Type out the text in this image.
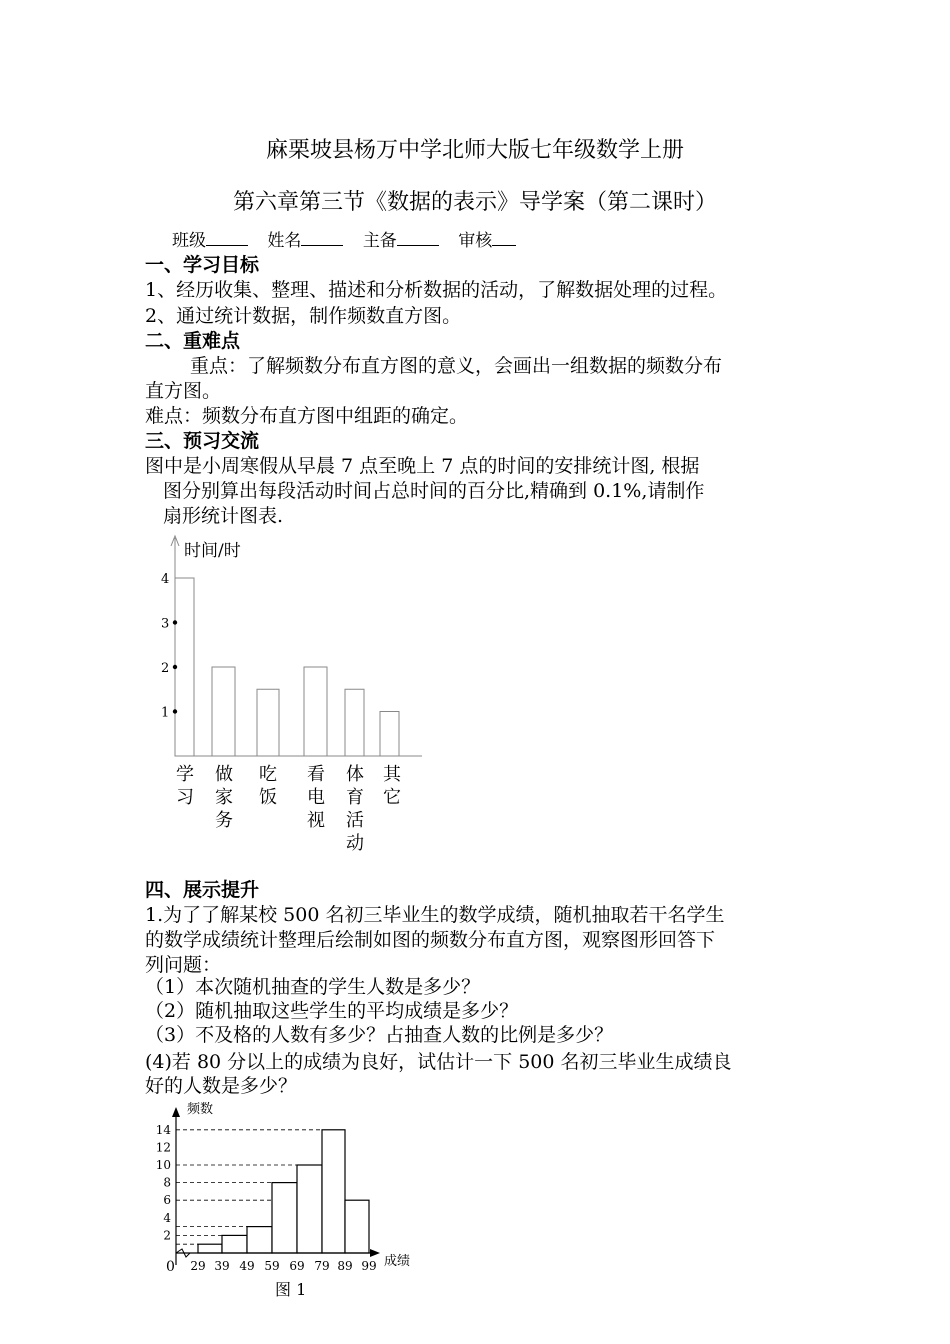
麻栗坡县杨万中学北师大版七年级数学上册
第六章第三节《数据的表示》导学案（第二课时）
班级	姓名	主备	审核
一、学习目标
1、经历收集、整理、描述和分析数据的活动，了解数据处理的过程。
2、通过统计数据，制作频数直方图。
二、重难点
重点：了解频数分布直方图的意义，会画出一组数据的频数分布
直方图。
难点：频数分布直方图中组距的确定。
三、预习交流
图中是小周寒假从早晨 7 点至晚上 7 点的时间的安排统计图, 根据
图分别算出每段活动时间占总时间的百分比,精确到 0.1%,请制作
扇形统计图表.
1
2
3
4
时间/时
学习
做家务
吃饭
看电视
体育活动
其它
四、展示提升
1.为了了解某校 500 名初三毕业生的数学成绩，随机抽取若干名学生
的数学成绩统计整理后绘制如图的频数分布直方图，观察图形回答下
列问题：
（1）本次随机抽查的学生人数是多少？
（2）随机抽取这些学生的平均成绩是多少？
（3）不及格的人数有多少？占抽查人数的比例是多少？
(4)若 80 分以上的成绩为良好，试估计一下 500 名初三毕业生成绩良
好的人数是多少？
2
4
6
8
10
12
14
29 39 49 59 69 79 89 99
频数
成绩
0
图 1
